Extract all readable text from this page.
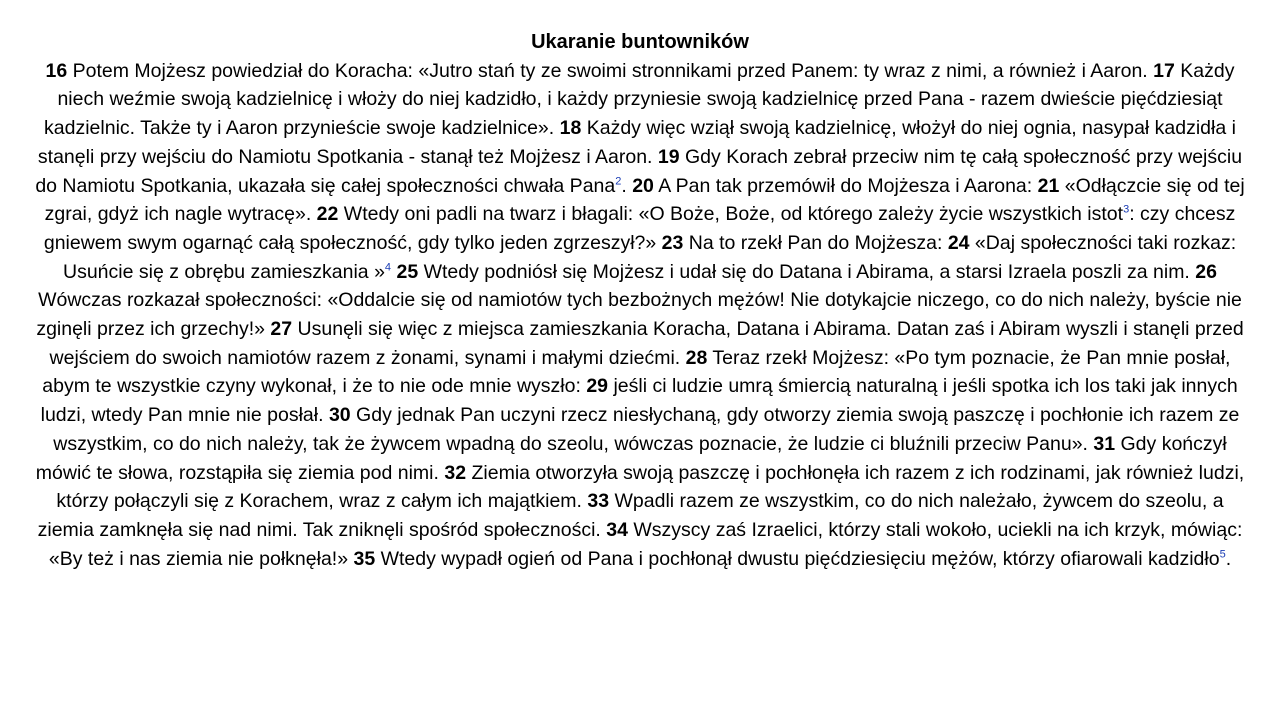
Ukaranie buntowników

16 Potem Mojżesz powiedział do Koracha: «Jutro stań ty ze swoimi stronnikami przed Panem: ty wraz z nimi, a również i Aaron. 17 Każdy niech weźmie swoją kadzielnicę i włoży do niej kadzidło, i każdy przyniesie swoją kadzielnicę przed Pana - razem dwieście pięćdziesiąt kadzielnic. Także ty i Aaron przynieście swoje kadzielnice». 18 Każdy więc wziął swoją kadzielnicę, włożył do niej ognia, nasypał kadzidła i stanęli przy wejściu do Namiotu Spotkania - stanął też Mojżesz i Aaron. 19 Gdy Korach zebrał przeciw nim tę całą społeczność przy wejściu do Namiotu Spotkania, ukazała się całej społeczności chwała Pana$^2$. 20 A Pan tak przemówił do Mojżesza i Aarona: 21 «Odłączcie się od tej zgrai, gdyż ich nagle wytracę». 22 Wtedy oni padli na twarz i błagali: «O Boże, Boże, od którego zależy życie wszystkich istot$^3$: czy chcesz gniewem swym ogarnąć całą społeczność, gdy tylko jeden zgrzeszył?» 23 Na to rzekł Pan do Mojżesza: 24 «Daj społeczności taki rozkaz: Usuńcie się z obrębu zamieszkania »$^4$ 25 Wtedy podniósł się Mojżesz i udał się do Datana i Abirama, a starsi Izraela poszli za nim. 26 Wówczas rozkazał społeczności: «Oddalcie się od namiotów tych bezbożnych mężów! Nie dotykajcie niczego, co do nich należy, byście nie zginęli przez ich grzechy!» 27 Usunęli się więc z miejsca zamieszkania Koracha, Datana i Abirama. Datan zaś i Abiram wyszli i stanęli przed wejściem do swoich namiotów razem z żonami, synami i małymi dziećmi. 28 Teraz rzekł Mojżesz: «Po tym poznacie, że Pan mnie posłał, abym te wszystkie czyny wykonał, i że to nie ode mnie wyszło: 29 jeśli ci ludzie umrą śmiercią naturalną i jeśli spotka ich los taki jak innych ludzi, wtedy Pan mnie nie posłał. 30 Gdy jednak Pan uczyni rzecz niesłychaną, gdy otworzy ziemia swoją paszczę i pochłonie ich razem ze wszystkim, co do nich należy, tak że żywcem wpadną do szeolu, wówczas poznacie, że ludzie ci bluźnili przeciw Panu». 31 Gdy kończył mówić te słowa, rozstąpiła się ziemia pod nimi. 32 Ziemia otworzyła swoją paszczę i pochłonęła ich razem z ich rodzinami, jak również ludzi, którzy połączyli się z Korachem, wraz z całym ich majątkiem. 33 Wpadli razem ze wszystkim, co do nich należało, żywcem do szeolu, a ziemia zamknęła się nad nimi. Tak zniknęli spośród społeczności. 34 Wszyscy zaś Izraelici, którzy stali wokoło, uciekli na ich krzyk, mówiąc: «By też i nas ziemia nie połknęła!» 35 Wtedy wypadł ogień od Pana i pochłonął dwustu pięćdziesięciu mężów, którzy ofiarowali kadzidło$^5$.
